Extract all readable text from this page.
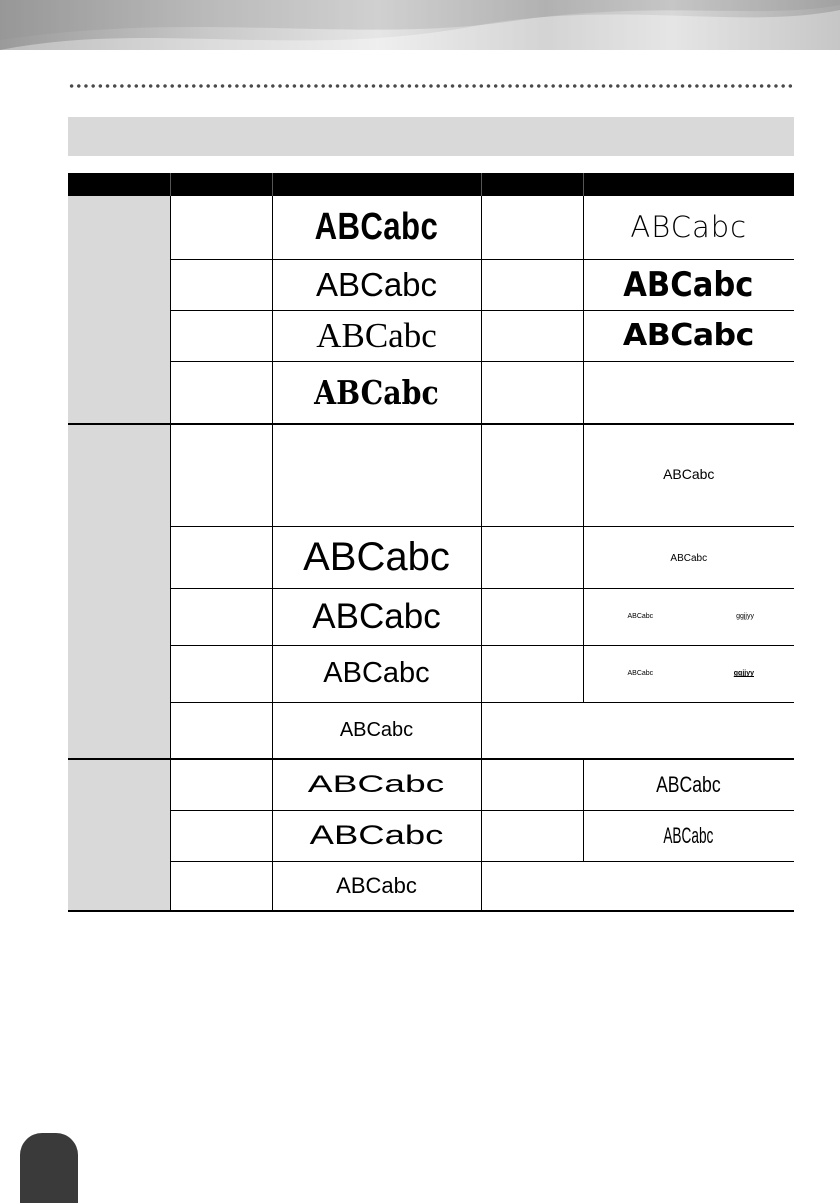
		ABCabc		ABCabc
		ABCabc		ABCabc
		ABCabc		ABCabc
		ABCabc		
				ABCabc
		ABCabc		ABCabc
		ABCabc		ABCabc ggjjyy

		ABCabc		ABCabc ggjjyy

		ABCabc		
		ABCabc		ABCabc
		ABCabc		ABCabc
		ABCabc		
